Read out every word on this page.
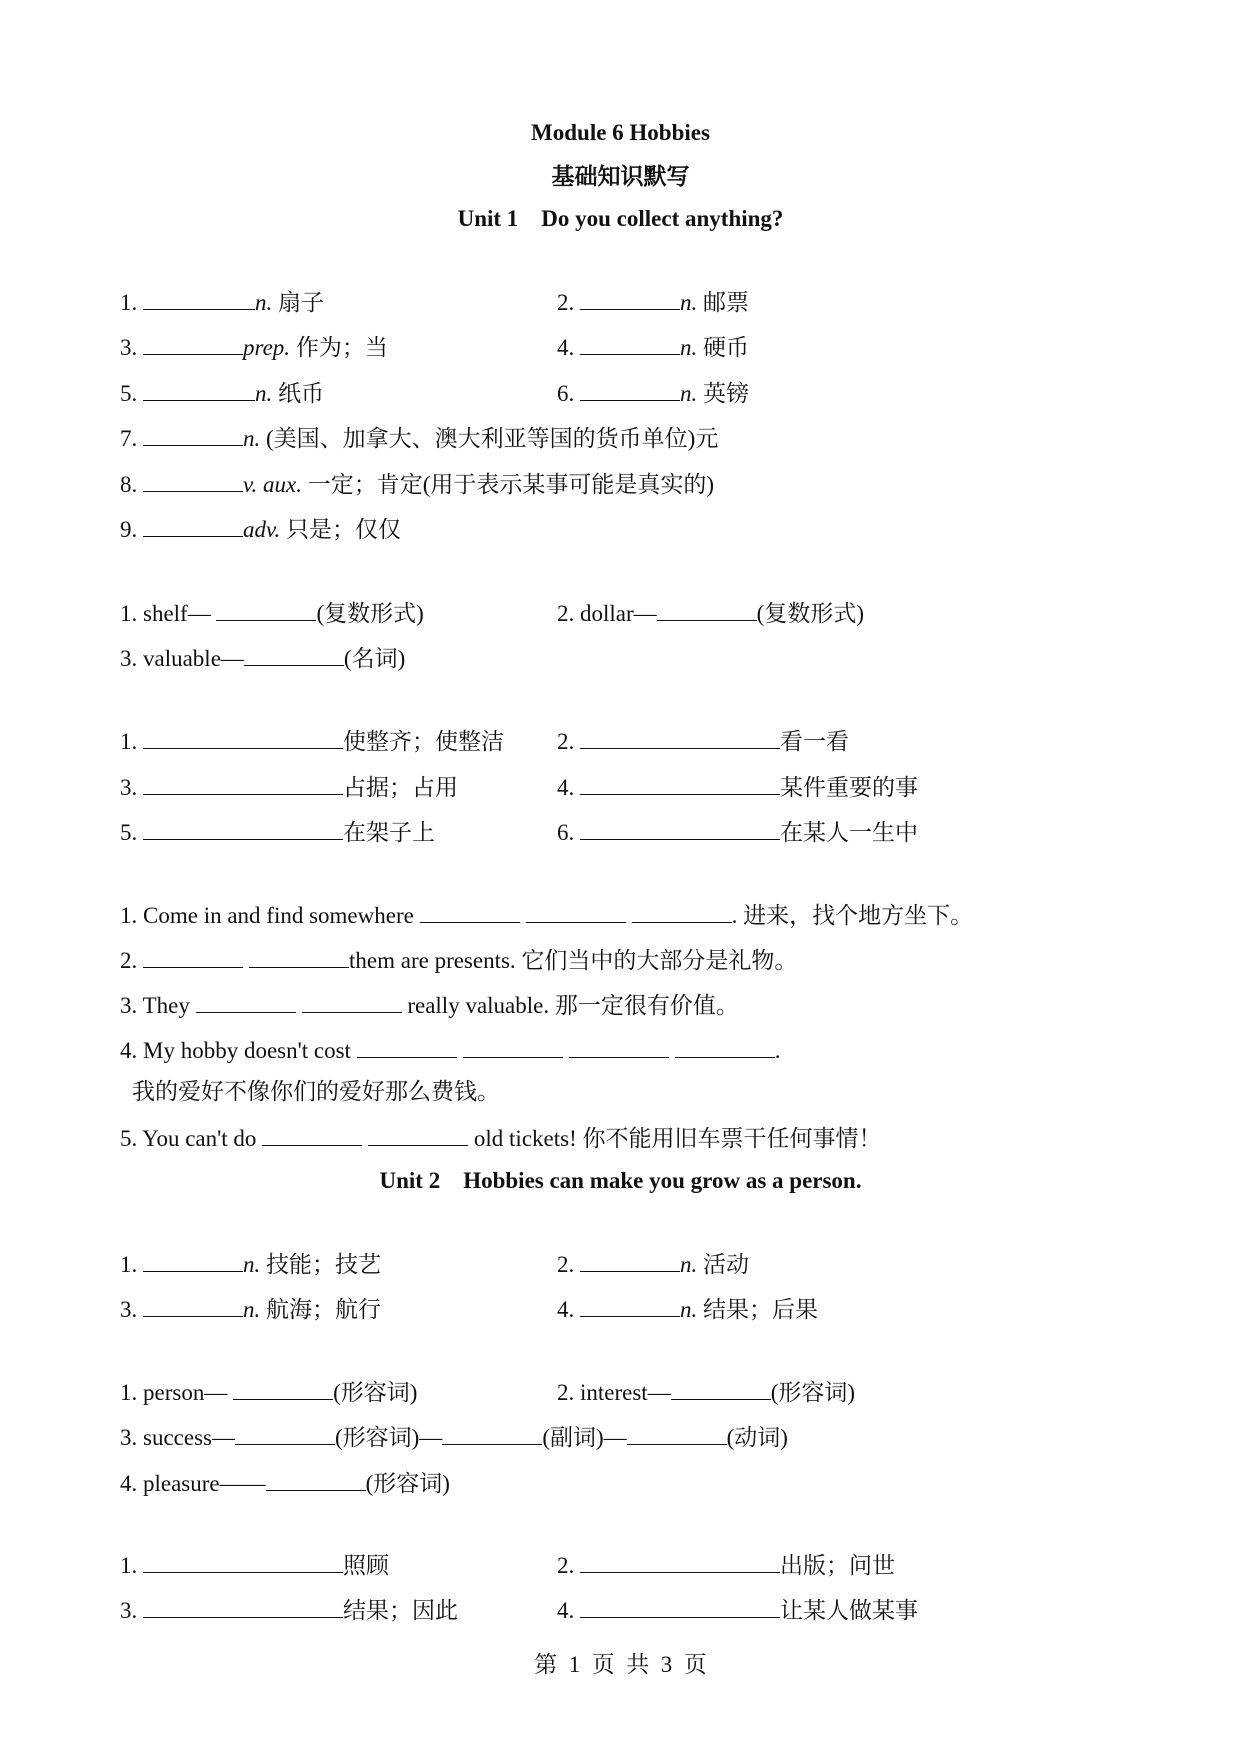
Module 6 Hobbies
基础知识默写
Unit 1    Do you collect anything?
1.	n. 扇子	2.	n. 邮票
3.	prep. 作为；当	4.	n. 硬币
5.	n. 纸币	6.	n. 英镑
7.	n. (美国、加拿大、澳大利亚等国的货币单位)元
8.	v. aux. 一定；肯定(用于表示某事可能是真实的)
9.	adv. 只是；仅仅
1. shelf—	(复数形式)	2. dollar—	(复数形式)
3. valuable—	(名词)
1.	使整齐；使整洁 2.	看一看
3.	占据；占用	4.	某件重要的事
5.	在架子上	6.	在某人一生中
1. Come in and find somewhere	. 进来，找个地方坐下。
2.	them are presents. 它们当中的大部分是礼物。
3. They	really valuable. 那一定很有价值。
4. My hobby doesn't cost	.
我的爱好不像你们的爱好那么费钱。
5. You can't do	old tickets! 你不能用旧车票干任何事情！
Unit 2    Hobbies can make you grow as a person.
1.	n. 技能；技艺	2.	n. 活动
3.	n. 航海；航行	4.	n. 结果；后果
1. person—	(形容词)	2. interest—	(形容词)
3. success—	(形容词)—	(副词)—	(动词)
4. pleasure——	(形容词)
1.	照顾	2.	出版；问世
3.	结果；因此	4.	让某人做某事
第  1  页  共  3  页
